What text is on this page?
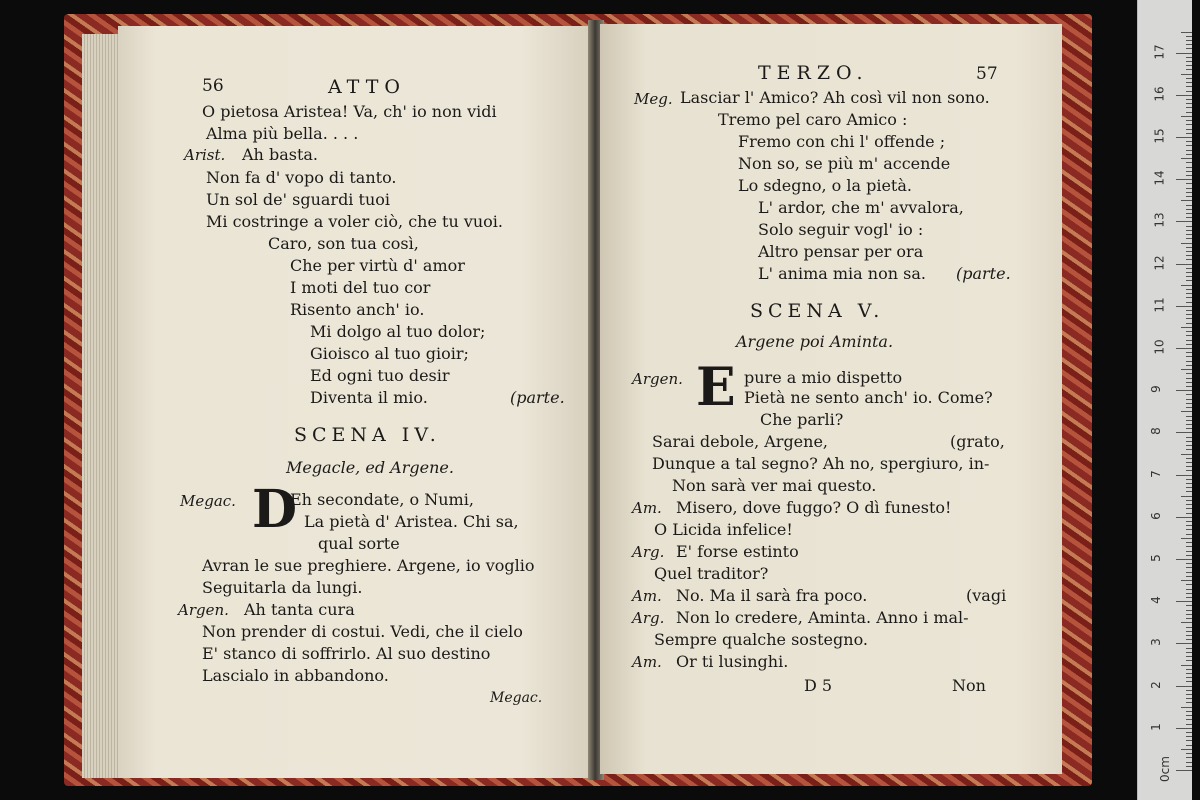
56	ATTO
O pietosa Aristea! Va, ch' io non vidi
Alma più bella. . . .
Arist. Ah basta.
Non fa d' vopo di tanto.
Un sol de' sguardi tuoi
Mi costringe a voler ciò, che tu vuoi.
Caro, son tua così,
Che per virtù d' amor
I moti del tuo cor
Risento anch' io.
Mi dolgo al tuo dolor;
Gioisco al tuo gioir;
Ed ogni tuo desir
Diventa il mio.	(parte.
SCENA IV.
Megacle, ed Argene.
Megac. D
Eh secondate, o Numi,
La pietà d' Aristea. Chi sa,
qual sorte
Avran le sue preghiere. Argene, io voglio
Seguitarla da lungi.
Argen. Ah tanta cura
Non prender di costui. Vedi, che il cielo
E' stanco di soffrirlo. Al suo destino
Lascialo in abbandono.
Megac.
TERZO.	57
Meg. Lasciar l' Amico? Ah così vil non sono.
Tremo pel caro Amico :
Fremo con chi l' offende ;
Non so, se più m' accende
Lo sdegno, o la pietà.
L' ardor, che m' avvalora,
Solo seguir vogl' io :
Altro pensar per ora
L' anima mia non sa. (parte.
SCENA V.
Argene poi Aminta.
Argen. E pure a mio dispetto
Pietà ne sento anch' io. Come?
Che parli?
Sarai debole, Argene,	(grato,
Dunque a tal segno? Ah no, spergiuro, in-
Non sarà ver mai questo.
Am. Misero, dove fuggo? O dì funesto!
O Licida infelice!
Arg. E' forse estinto
Quel traditor?
Am. No. Ma il sarà fra poco.	(vagi
Arg. Non lo credere, Aminta. Anno i mal-
Sempre qualche sostegno.
Am. Or ti lusinghi.
D 5	Non
0cm
1
2
3
4
5
6
7
8
9
10
11
12
13
14
15
16
17
